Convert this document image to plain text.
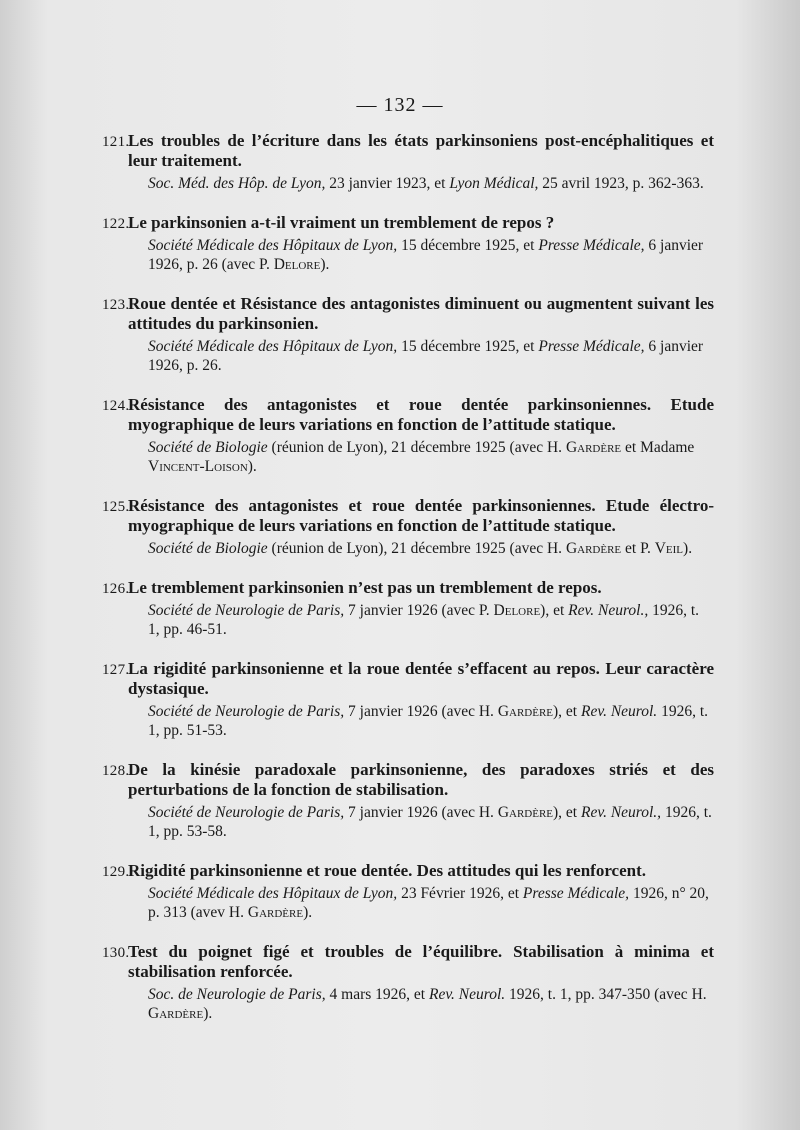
— 132 —
121.
Les troubles de l’écriture dans les états parkinsoniens post-encéphalitiques et leur traitement.
Soc. Méd. des Hôp. de Lyon, 23 janvier 1923, et Lyon Médical, 25 avril 1923, p. 362-363.
122.
Le parkinsonien a-t-il vraiment un tremblement de repos ?
Société Médicale des Hôpitaux de Lyon, 15 décembre 1925, et Presse Médicale, 6 janvier 1926, p. 26 (avec P. Delore).
123.
Roue dentée et Résistance des antagonistes diminuent ou augmentent suivant les attitudes du parkinsonien.
Société Médicale des Hôpitaux de Lyon, 15 décembre 1925, et Presse Médicale, 6 janvier 1926, p. 26.
124.
Résistance des antagonistes et roue dentée parkinsoniennes. Etude myographique de leurs variations en fonction de l’attitude statique.
Société de Biologie (réunion de Lyon), 21 décembre 1925 (avec H. Gardère et Madame Vincent-Loison).
125.
Résistance des antagonistes et roue dentée parkinsoniennes. Etude électro-myographique de leurs variations en fonction de l’attitude statique.
Société de Biologie (réunion de Lyon), 21 décembre 1925 (avec H. Gardère et P. Veil).
126.
Le tremblement parkinsonien n’est pas un tremblement de repos.
Société de Neurologie de Paris, 7 janvier 1926 (avec P. Delore), et Rev. Neurol., 1926, t. 1, pp. 46-51.
127.
La rigidité parkinsonienne et la roue dentée s’effacent au repos. Leur caractère dystasique.
Société de Neurologie de Paris, 7 janvier 1926 (avec H. Gardère), et Rev. Neurol. 1926, t. 1, pp. 51-53.
128.
De la kinésie paradoxale parkinsonienne, des paradoxes striés et des perturbations de la fonction de stabilisation.
Société de Neurologie de Paris, 7 janvier 1926 (avec H. Gardère), et Rev. Neurol., 1926, t. 1, pp. 53-58.
129.
Rigidité parkinsonienne et roue dentée. Des attitudes qui les renforcent.
Société Médicale des Hôpitaux de Lyon, 23 Février 1926, et Presse Médicale, 1926, n° 20, p. 313 (avev H. Gardère).
130.
Test du poignet figé et troubles de l’équilibre. Stabilisation à minima et stabilisation renforcée.
Soc. de Neurologie de Paris, 4 mars 1926, et Rev. Neurol. 1926, t. 1, pp. 347-350 (avec H. Gardère).
